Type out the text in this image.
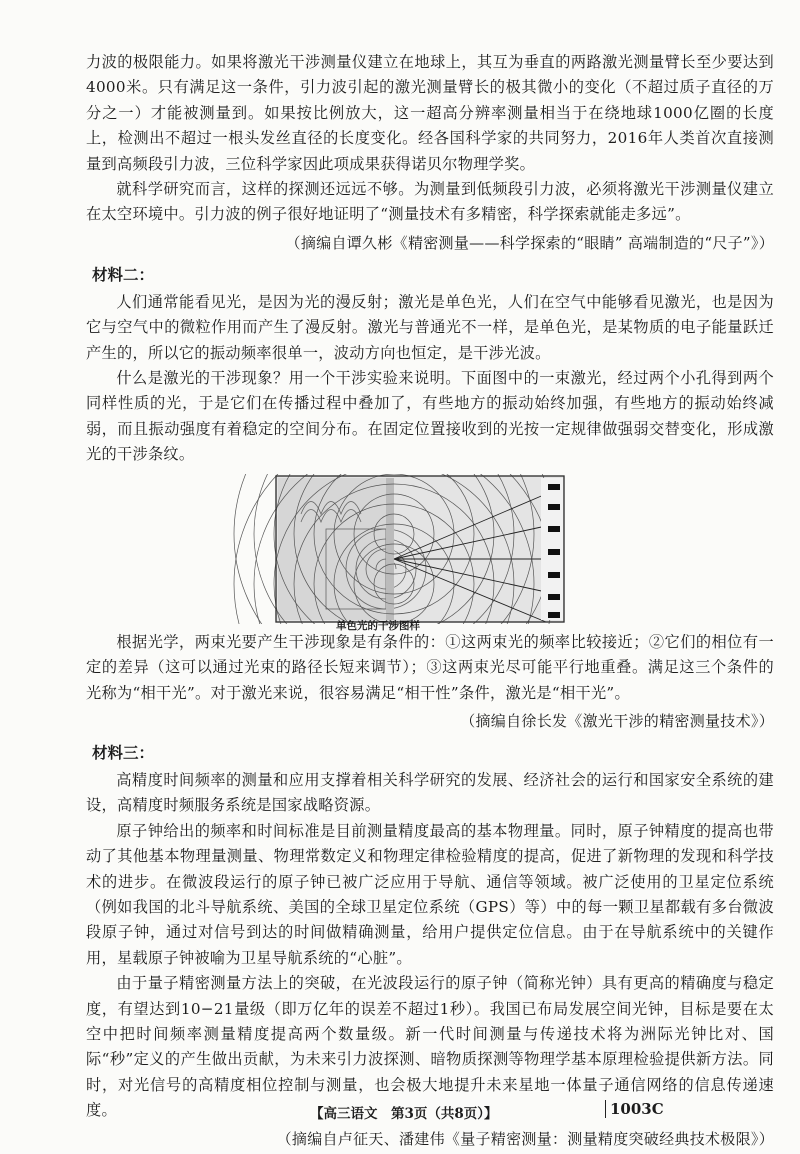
力波的极限能力。如果将激光干涉测量仪建立在地球上，其互为垂直的两路激光测量臂长至少要达到4000米。只有满足这一条件，引力波引起的激光测量臂长的极其微小的变化（不超过质子直径的万分之一）才能被测量到。如果按比例放大，这一超高分辨率测量相当于在绕地球1000亿圈的长度上，检测出不超过一根头发丝直径的长度变化。经各国科学家的共同努力，2016年人类首次直接测量到高频段引力波，三位科学家因此项成果获得诺贝尔物理学奖。

就科学研究而言，这样的探测还远远不够。为测量到低频段引力波，必须将激光干涉测量仪建立在太空环境中。引力波的例子很好地证明了“测量技术有多精密，科学探索就能走多远”。

（摘编自谭久彬《精密测量——科学探索的“眼睛” 高端制造的“尺子”》）

材料二：

人们通常能看见光，是因为光的漫反射；激光是单色光，人们在空气中能够看见激光，也是因为它与空气中的微粒作用而产生了漫反射。激光与普通光不一样，是单色光，是某物质的电子能量跃迁产生的，所以它的振动频率很单一，波动方向也恒定，是干涉光波。

什么是激光的干涉现象？用一个干涉实验来说明。下面图中的一束激光，经过两个小孔得到两个同样性质的光，于是它们在传播过程中叠加了，有些地方的振动始终加强，有些地方的振动始终减弱，而且振动强度有着稳定的空间分布。在固定位置接收到的光按一定规律做强弱交替变化，形成激光的干涉条纹。

根据光学，两束光要产生干涉现象是有条件的：①这两束光的频率比较接近；②它们的相位有一定的差异（这可以通过光束的路径长短来调节）；③这两束光尽可能平行地重叠。满足这三个条件的光称为“相干光”。对于激光来说，很容易满足“相干性”条件，激光是“相干光”。

（摘编自徐长发《激光干涉的精密测量技术》）

材料三：

高精度时间频率的测量和应用支撑着相关科学研究的发展、经济社会的运行和国家安全系统的建设，高精度时频服务系统是国家战略资源。

原子钟给出的频率和时间标准是目前测量精度最高的基本物理量。同时，原子钟精度的提高也带动了其他基本物理量测量、物理常数定义和物理定律检验精度的提高，促进了新物理的发现和科学技术的进步。在微波段运行的原子钟已被广泛应用于导航、通信等领域。被广泛使用的卫星定位系统（例如我国的北斗导航系统、美国的全球卫星定位系统（GPS）等）中的每一颗卫星都载有多台微波段原子钟，通过对信号到达的时间做精确测量，给用户提供定位信息。由于在导航系统中的关键作用，星载原子钟被喻为卫星导航系统的“心脏”。

由于量子精密测量方法上的突破，在光波段运行的原子钟（简称光钟）具有更高的精确度与稳定度，有望达到10−21量级（即万亿年的误差不超过1秒）。我国已布局发展空间光钟，目标是要在太空中把时间频率测量精度提高两个数量级。新一代时间测量与传递技术将为洲际光钟比对、国际“秒”定义的产生做出贡献，为未来引力波探测、暗物质探测等物理学基本原理检验提供新方法。同时，对光信号的高精度相位控制与测量，也会极大地提升未来星地一体量子通信网络的信息传递速度。

（摘编自卢征天、潘建伟《量子精密测量：测量精度突破经典技术极限》）

单色光的干涉图样
【高三语文　第3页（共8页）】	1003C
